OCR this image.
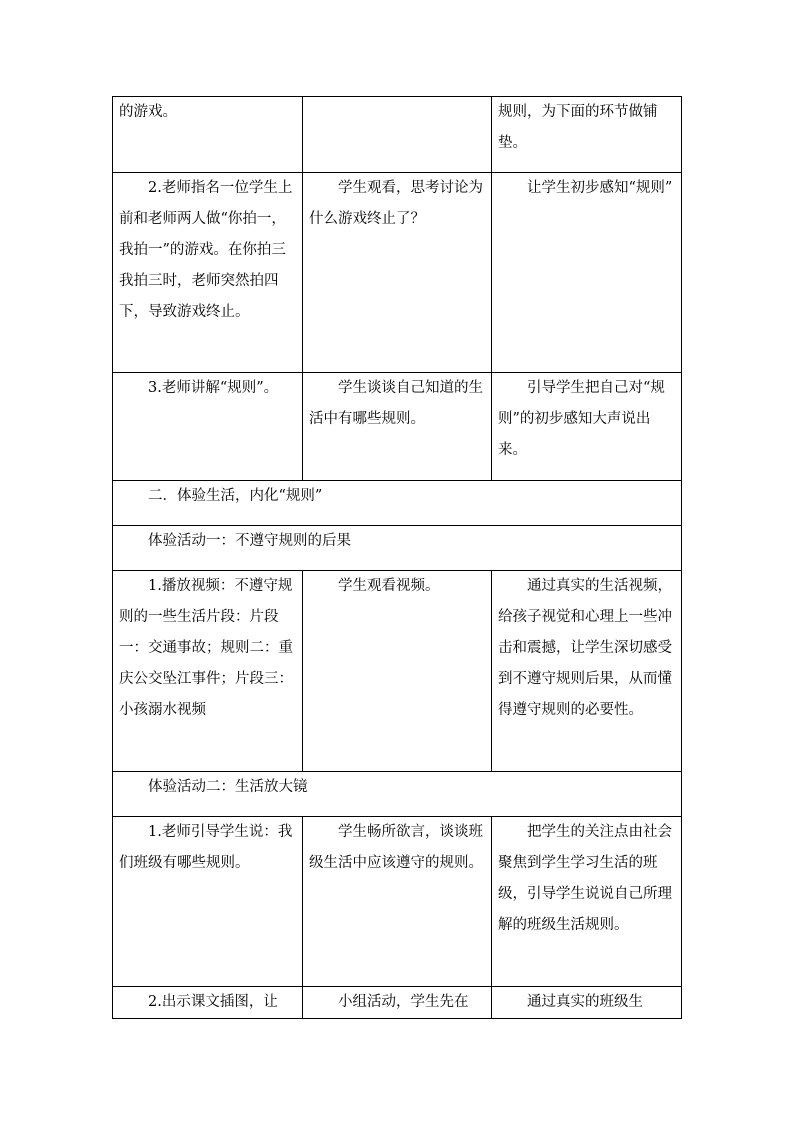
的游戏。		规则，为下面的环节做铺垫。

2.老师指名一位学生上前和老师两人做“你拍一，我拍一”的游戏。在你拍三我拍三时，老师突然拍四下，导致游戏终止。	学生观看，思考讨论为什么游戏终止了？	让学生初步感知“规则”

3.老师讲解“规则”。	学生谈谈自己知道的生活中有哪些规则。	引导学生把自己对“规则”的初步感知大声说出来。

二．体验生活，内化“规则”		

体验活动一：不遵守规则的后果		

1.播放视频：不遵守规则的一些生活片段：片段一：交通事故；规则二：重庆公交坠江事件；片段三：小孩溺水视频	学生观看视频。	通过真实的生活视频，给孩子视觉和心理上一些冲击和震撼，让学生深切感受到不遵守规则后果，从而懂得遵守规则的必要性。

体验活动二：生活放大镜		

1.老师引导学生说：我们班级有哪些规则。	学生畅所欲言，谈谈班级生活中应该遵守的规则。	把学生的关注点由社会聚焦到学生学习生活的班级，引导学生说说自己所理解的班级生活规则。

2.出示课文插图，让	小组活动，学生先在	通过真实的班级生
